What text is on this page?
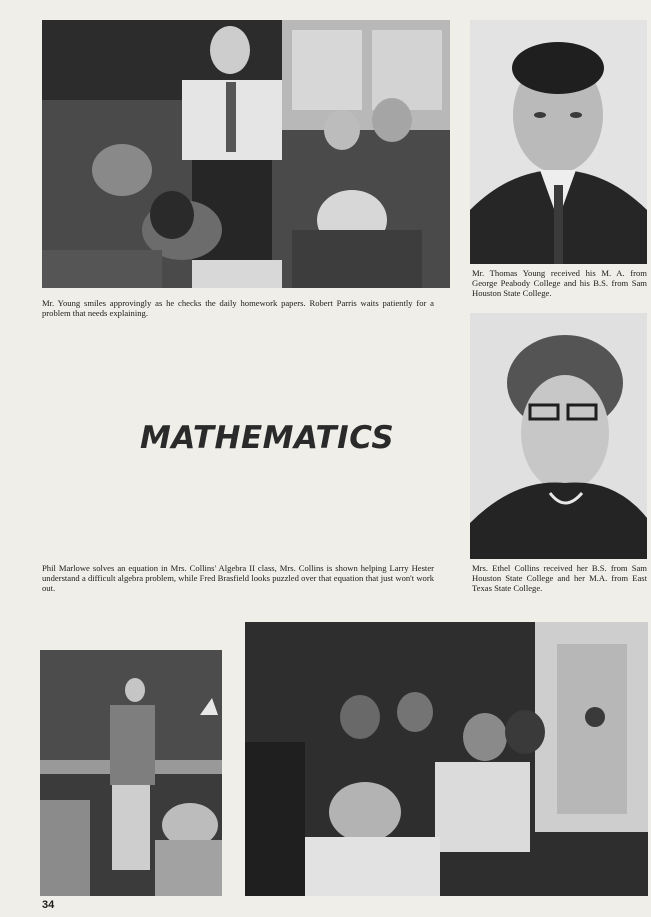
Mr. Young smiles approvingly as he checks the daily homework papers. Robert Parris waits patiently for a problem that needs explaining.

Mr. Thomas Young received his M. A. from George Peabody College and his B.S. from Sam Houston State College.

Mrs. Ethel Collins received her B.S. from Sam Houston State College and her M.A. from East Texas State College.

MATHEMATICS

Phil Marlowe solves an equation in Mrs. Collins' Algebra II class, Mrs. Collins is shown helping Larry Hester understand a difficult algebra problem, while Fred Brasfield looks puzzled over that equation that just won't work out.

34
